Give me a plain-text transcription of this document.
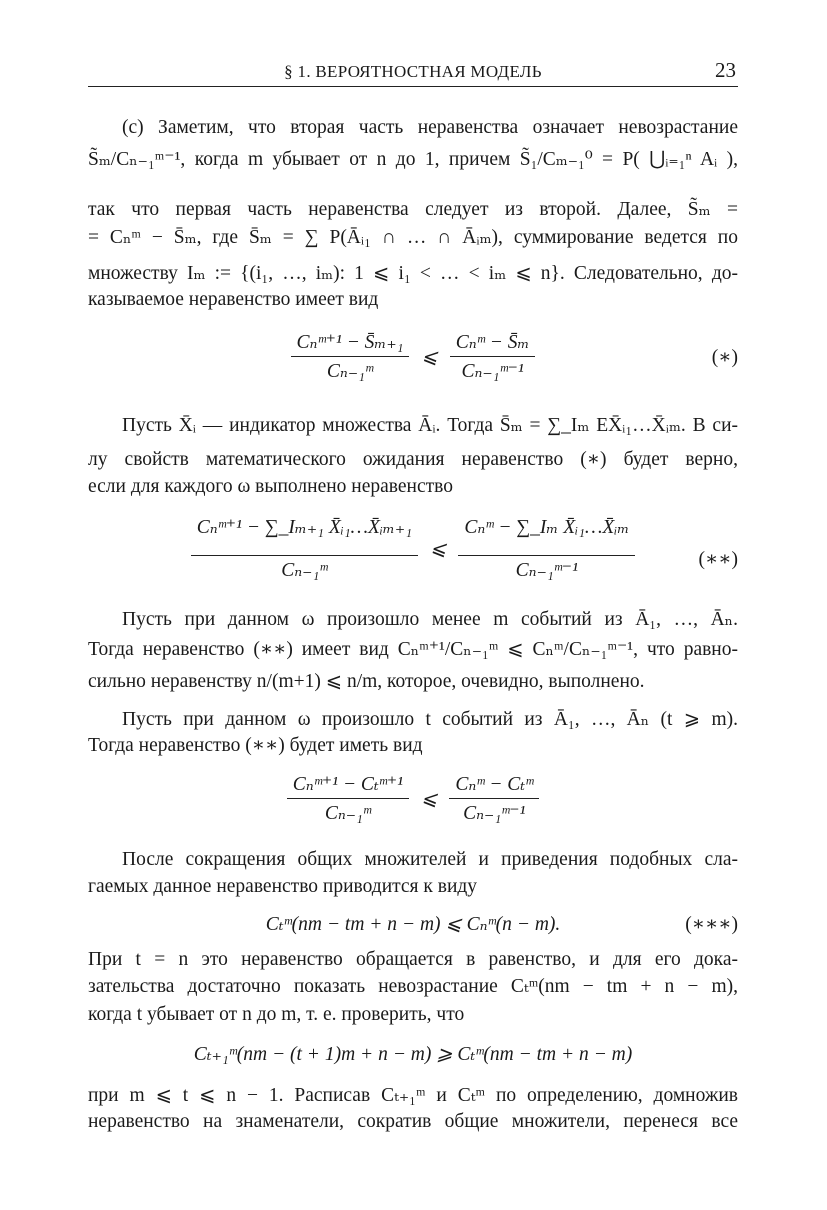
§ 1. ВЕРОЯТНОСТНАЯ МОДЕЛЬ	23
(с) Заметим, что вторая часть неравенства означает невозрастание
S̃ₘ/Cₙ₋₁ᵐ⁻¹, когда m убывает от n до 1, причем S̃₁/Cₘ₋₁⁰ = P( ⋃ᵢ₌₁ⁿ Aᵢ ),
так что первая часть неравенства следует из второй. Далее, S̃ₘ =
= Cₙᵐ − S̄ₘ, где S̄ₘ = ∑ P(Āᵢ₁ ∩ … ∩ Āᵢₘ), суммирование ведется по
множеству Iₘ := {(i₁, …, iₘ): 1 ⩽ i₁ < … < iₘ ⩽ n}. Следовательно, до-
казываемое неравенство имеет вид
$\frac{\text{Cₙᵐ⁺¹ − S̄ₘ₊₁}}{\text{Cₙ₋₁ᵐ}}$ ⩽ $\frac{\text{Cₙᵐ − S̄ₘ}}{\text{Cₙ₋₁ᵐ⁻¹}}$	(∗)
Пусть X̄ᵢ — индикатор множества Āᵢ. Тогда S̄ₘ = ∑_Iₘ EX̄ᵢ₁…X̄ᵢₘ. В си-
лу свойств математического ожидания неравенство (∗) будет верно,
если для каждого ω выполнено неравенство
$\frac{\text{Cₙᵐ⁺¹ − ∑\_Iₘ₊₁ X̄ᵢ₁…X̄ᵢₘ₊₁}}{\text{Cₙ₋₁ᵐ}}$ ⩽ $\frac{\text{Cₙᵐ − ∑\_Iₘ X̄ᵢ₁…X̄ᵢₘ}}{\text{Cₙ₋₁ᵐ⁻¹}}$	(∗∗)
Пусть при данном ω произошло менее m событий из Ā₁, …, Āₙ.
Тогда неравенство (∗∗) имеет вид Cₙᵐ⁺¹/Cₙ₋₁ᵐ ⩽ Cₙᵐ/Cₙ₋₁ᵐ⁻¹, что равно-
сильно неравенству n/(m+1) ⩽ n/m, которое, очевидно, выполнено.
Пусть при данном ω произошло t событий из Ā₁, …, Āₙ (t ⩾ m).
Тогда неравенство (∗∗) будет иметь вид
$\frac{\text{Cₙᵐ⁺¹ − Cₜᵐ⁺¹}}{\text{Cₙ₋₁ᵐ}}$ ⩽ $\frac{\text{Cₙᵐ − Cₜᵐ}}{\text{Cₙ₋₁ᵐ⁻¹}}$
После сокращения общих множителей и приведения подобных сла-
гаемых данное неравенство приводится к виду
Cₜᵐ(nm − tm + n − m) ⩽ Cₙᵐ(n − m).	(∗∗∗)
При t = n это неравенство обращается в равенство, и для его дока-
зательства достаточно показать невозрастание Cₜᵐ(nm − tm + n − m),
когда t убывает от n до m, т. е. проверить, что
Cₜ₊₁ᵐ(nm − (t + 1)m + n − m) ⩾ Cₜᵐ(nm − tm + n − m)
при m ⩽ t ⩽ n − 1. Расписав Cₜ₊₁ᵐ и Cₜᵐ по определению, домножив
неравенство на знаменатели, сократив общие множители, перенеся все
